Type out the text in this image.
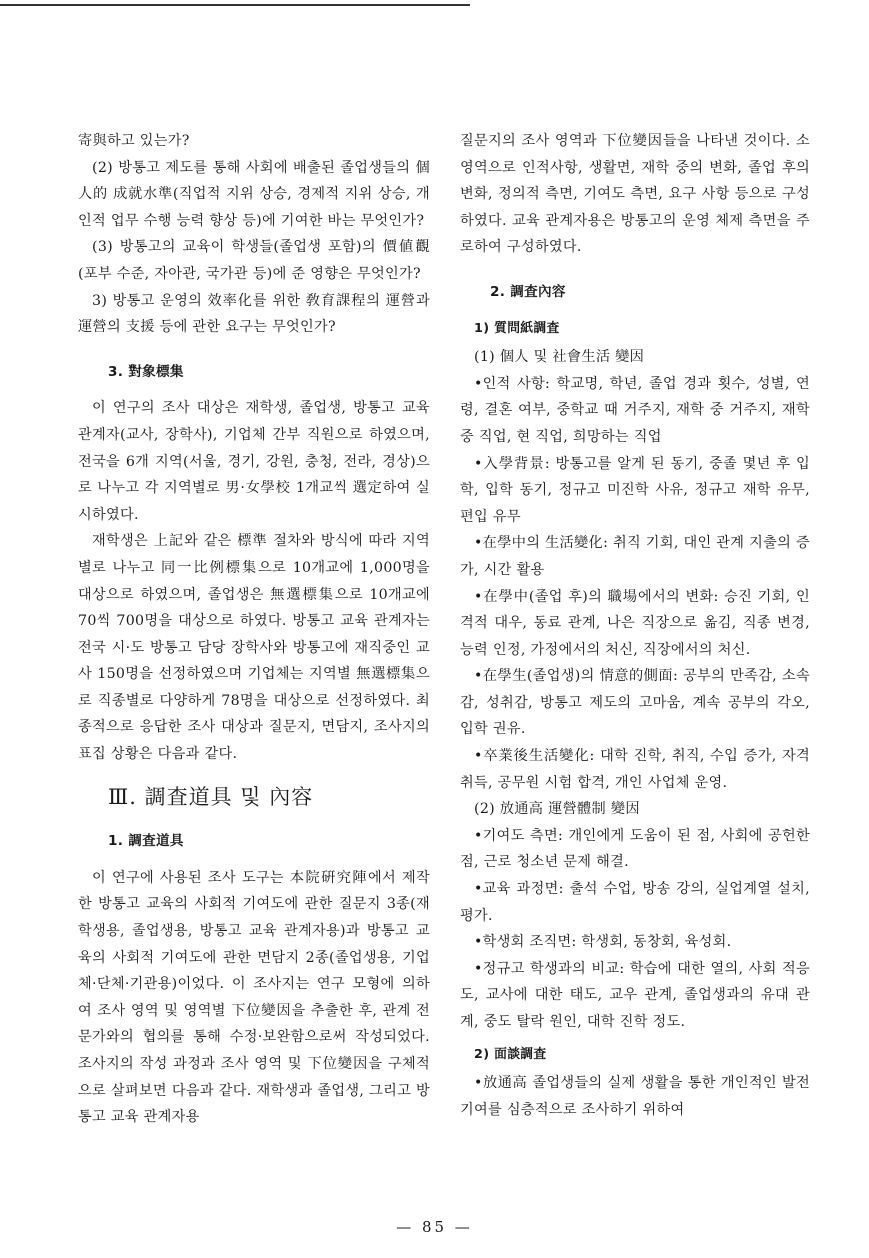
寄與하고 있는가?

(2) 방통고 제도를 통해 사회에 배출된 졸업생들의 個人的 成就水準(직업적 지위 상승, 경제적 지위 상승, 개인적 업무 수행 능력 향상 등)에 기여한 바는 무엇인가?

(3) 방통고의 교육이 학생들(졸업생 포함)의 價値觀(포부 수준, 자아관, 국가관 등)에 준 영향은 무엇인가?

3) 방통고 운영의 效率化를 위한 敎育課程의 運營과 運營의 支援 등에 관한 요구는 무엇인가?

3. 對象標集

이 연구의 조사 대상은 재학생, 졸업생, 방통고 교육 관계자(교사, 장학사), 기업체 간부 직원으로 하였으며, 전국을 6개 지역(서울, 경기, 강원, 충청, 전라, 경상)으로 나누고 각 지역별로 男·女學校 1개교씩 選定하여 실시하였다.

재학생은 上記와 같은 標準 절차와 방식에 따라 지역별로 나누고 同一比例標集으로 10개교에 1,000명을 대상으로 하였으며, 졸업생은 無選標集으로 10개교에 70씩 700명을 대상으로 하였다. 방통고 교육 관계자는 전국 시·도 방통고 담당 장학사와 방통고에 재직중인 교사 150명을 선정하였으며 기업체는 지역별 無選標集으로 직종별로 다양하게 78명을 대상으로 선정하였다. 최종적으로 응답한 조사 대상과 질문지, 면담지, 조사지의 표집 상황은 다음과 같다.

Ⅲ. 調査道具 및 內容

1. 調査道具

이 연구에 사용된 조사 도구는 本院硏究陣에서 제작한 방통고 교육의 사회적 기여도에 관한 질문지 3종(재학생용, 졸업생용, 방통고 교육 관계자용)과 방통고 교육의 사회적 기여도에 관한 면담지 2종(졸업생용, 기업체·단체·기관용)이었다. 이 조사지는 연구 모형에 의하여 조사 영역 및 영역별 下位變因을 추출한 후, 관계 전문가와의 협의를 통해 수정·보완함으로써 작성되었다. 조사지의 작성 과정과 조사 영역 및 下位變因을 구체적으로 살펴보면 다음과 같다. 재학생과 졸업생, 그리고 방통고 교육 관계자용

질문지의 조사 영역과 下位變因들을 나타낸 것이다. 소 영역으로 인적사항, 생활면, 재학 중의 변화, 졸업 후의 변화, 정의적 측면, 기여도 측면, 요구 사항 등으로 구성하였다. 교육 관계자용은 방통고의 운영 체제 측면을 주로하여 구성하였다.

2. 調査內容

1) 質問紙調査

(1) 個人 및 社會生活 變因

•인적 사항: 학교명, 학년, 졸업 경과 횟수, 성별, 연령, 결혼 여부, 중학교 때 거주지, 재학 중 거주지, 재학 중 직업, 현 직업, 희망하는 직업

•入學背景: 방통고를 알게 된 동기, 중졸 몇년 후 입학, 입학 동기, 정규고 미진학 사유, 정규고 재학 유무, 편입 유무

•在學中의 生活變化: 취직 기회, 대인 관계 지출의 증가, 시간 활용

•在學中(졸업 후)의 職場에서의 변화: 승진 기회, 인격적 대우, 동료 관계, 나은 직장으로 옮김, 직종 변경, 능력 인정, 가정에서의 처신, 직장에서의 처신.

•在學生(졸업생)의 情意的側面: 공부의 만족감, 소속감, 성취감, 방통고 제도의 고마움, 계속 공부의 각오, 입학 권유.

•卒業後生活變化: 대학 진학, 취직, 수입 증가, 자격 취득, 공무원 시험 합격, 개인 사업체 운영.

(2) 放通高 運營體制 變因

•기여도 측면: 개인에게 도움이 된 점, 사회에 공헌한 점, 근로 청소년 문제 해결.

•교육 과정면: 출석 수업, 방송 강의, 실업계열 설치, 평가.

•학생회 조직면: 학생회, 동창회, 육성회.

•정규고 학생과의 비교: 학습에 대한 열의, 사회 적응도, 교사에 대한 태도, 교우 관계, 졸업생과의 유대 관계, 중도 탈락 원인, 대학 진학 정도.

2) 面談調査

•放通高 졸업생들의 실제 생활을 통한 개인적인 발전 기여를 심층적으로 조사하기 위하여

— 85 —
